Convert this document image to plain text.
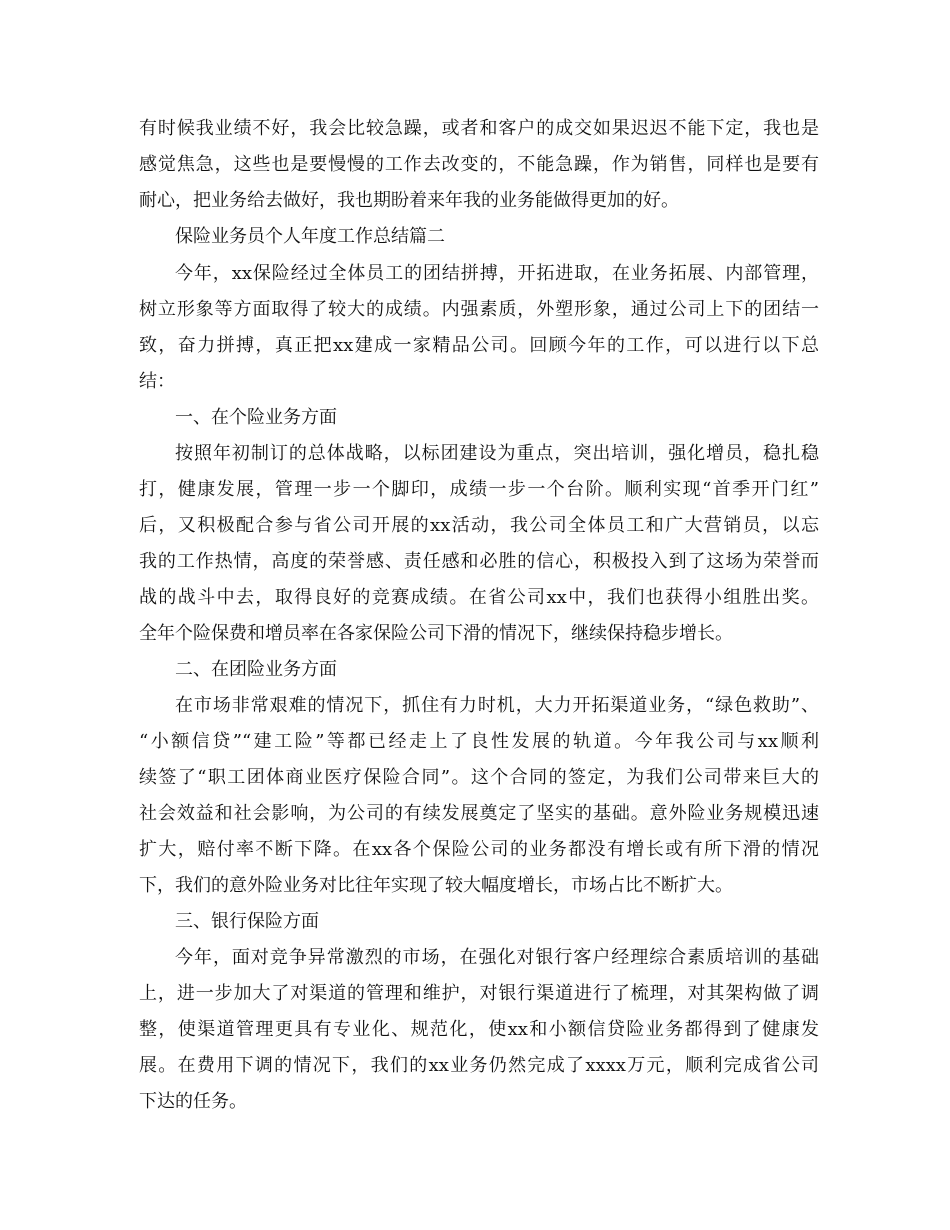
有时候我业绩不好，我会比较急躁，或者和客户的成交如果迟迟不能下定，我也是
感觉焦急，这些也是要慢慢的工作去改变的，不能急躁，作为销售，同样也是要有
耐心，把业务给去做好，我也期盼着来年我的业务能做得更加的好。
保险业务员个人年度工作总结篇二
今年，xx保险经过全体员工的团结拼搏，开拓进取，在业务拓展、内部管理，
树立形象等方面取得了较大的成绩。内强素质，外塑形象，通过公司上下的团结一
致，奋力拼搏，真正把xx建成一家精品公司。回顾今年的工作，可以进行以下总
结：
一、在个险业务方面
按照年初制订的总体战略，以标团建设为重点，突出培训，强化增员，稳扎稳
打，健康发展，管理一步一个脚印，成绩一步一个台阶。顺利实现“首季开门红”
后，又积极配合参与省公司开展的xx活动，我公司全体员工和广大营销员，以忘
我的工作热情，高度的荣誉感、责任感和必胜的信心，积极投入到了这场为荣誉而
战的战斗中去，取得良好的竞赛成绩。在省公司xx中，我们也获得小组胜出奖。
全年个险保费和增员率在各家保险公司下滑的情况下，继续保持稳步增长。
二、在团险业务方面
在市场非常艰难的情况下，抓住有力时机，大力开拓渠道业务，“绿色救助”、
“小额信贷”“建工险”等都已经走上了良性发展的轨道。今年我公司与xx顺利
续签了“职工团体商业医疗保险合同”。这个合同的签定，为我们公司带来巨大的
社会效益和社会影响，为公司的有续发展奠定了坚实的基础。意外险业务规模迅速
扩大，赔付率不断下降。在xx各个保险公司的业务都没有增长或有所下滑的情况
下，我们的意外险业务对比往年实现了较大幅度增长，市场占比不断扩大。
三、银行保险方面
今年，面对竞争异常激烈的市场，在强化对银行客户经理综合素质培训的基础
上，进一步加大了对渠道的管理和维护，对银行渠道进行了梳理，对其架构做了调
整，使渠道管理更具有专业化、规范化，使xx和小额信贷险业务都得到了健康发
展。在费用下调的情况下，我们的xx业务仍然完成了xxxx万元，顺利完成省公司
下达的任务。
